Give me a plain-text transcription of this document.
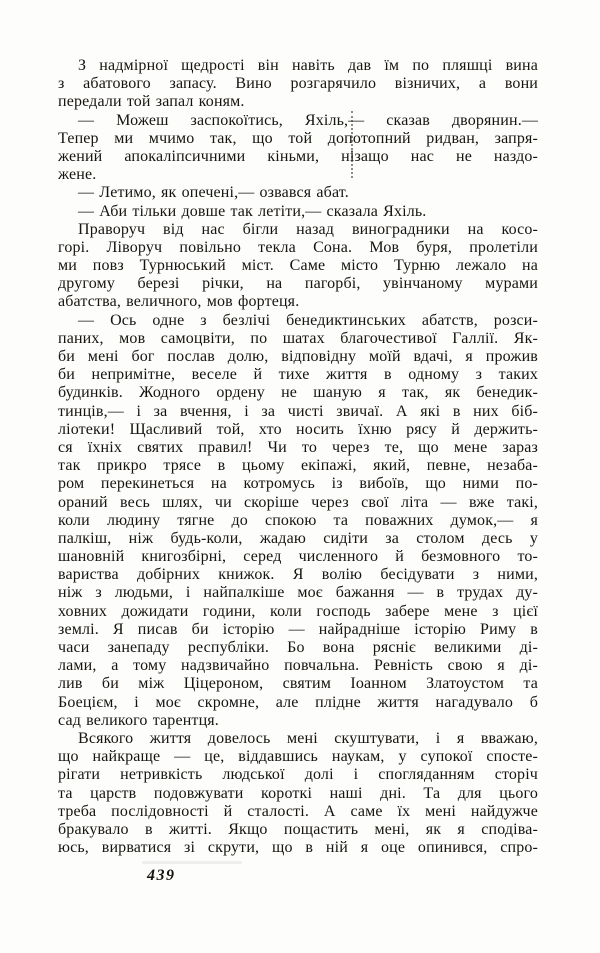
З надмірної щедрості він навіть дав їм по пляшці вина
з абатового запасу. Вино розгарячило візничих, а вони
передали той запал коням.
— Можеш заспокоїтись, Яхіль,— сказав дворянин.—
Тепер ми мчимо так, що той допотопний ридван, запря-
жений апокаліпсичними кіньми, нізащо нас не наздо-
жене.
— Летимо, як опечені,— озвався абат.
— Аби тільки довше так летіти,— сказала Яхіль.
Праворуч від нас бігли назад виноградники на косо-
горі. Ліворуч повільно текла Сона. Мов буря, пролетіли
ми повз Турнюський міст. Саме місто Турню лежало на
другому березі річки, на пагорбі, увінчаному мурами
абатства, величного, мов фортеця.
— Ось одне з безлічі бенедиктинських абатств, розси-
паних, мов самоцвіти, по шатах благочестивої Галлії. Як-
би мені бог послав долю, відповідну моїй вдачі, я прожив
би непримітне, веселе й тихе життя в одному з таких
будинків. Жодного ордену не шаную я так, як бенедик-
тинців,— і за вчення, і за чисті звичаї. А які в них біб-
ліотеки! Щасливий той, хто носить їхню рясу й держить-
ся їхніх святих правил! Чи то через те, що мене зараз
так прикро трясе в цьому екіпажі, який, певне, незаба-
ром перекинеться на котромусь із вибоїв, що ними по-
ораний весь шлях, чи скоріше через свої літа — вже такі,
коли людину тягне до спокою та поважних думок,— я
палкіш, ніж будь-коли, жадаю сидіти за столом десь у
шановній книгозбірні, серед численного й безмовного то-
вариства добірних книжок. Я волію бесідувати з ними,
ніж з людьми, і найпалкіше моє бажання — в трудах ду-
ховних дожидати години, коли господь забере мене з цієї
землі. Я писав би історію — найрадніше історію Риму в
часи занепаду республіки. Бо вона рясніє великими ді-
лами, а тому надзвичайно повчальна. Ревність свою я ді-
лив би між Ціцероном, святим Іоанном Златоустом та
Боецієм, і моє скромне, але плідне життя нагадувало б
сад великого тарентця.
Всякого життя довелось мені скуштувати, і я вважаю,
що найкраще — це, віддавшись наукам, у супокої спосте-
рігати нетривкість людської долі і спогляданням сторіч
та царств подовжувати короткі наші дні. Та для цього
треба послідовності й сталості. А саме їх мені найдужче
бракувало в житті. Якщо пощастить мені, як я сподіва-
юсь, вирватися зі скрути, що в ній я оце опинився, спро-
439
